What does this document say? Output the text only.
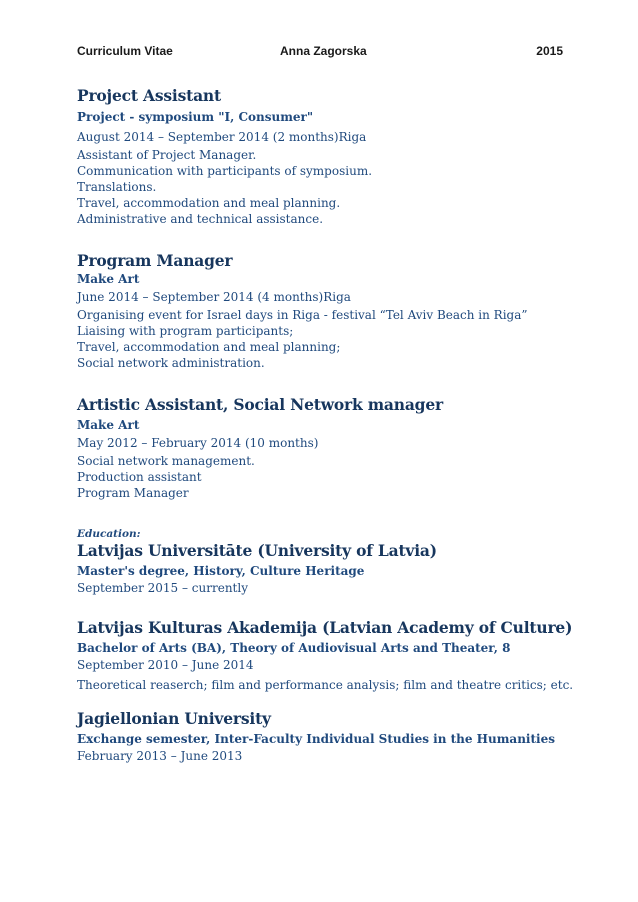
Curriculum Vitae	Anna Zagorska	2015

Project Assistant

Project - symposium "I, Consumer"

August 2014 – September 2014 (2 months)Riga

Assistant of Project Manager.

Communication with participants of symposium.

Translations.

Travel, accommodation and meal planning.

Administrative and technical assistance.

Program Manager

Make Art

June 2014 – September 2014 (4 months)Riga

Organising event for Israel days in Riga - festival “Tel Aviv Beach in Riga”

Liaising with program participants;

Travel, accommodation and meal planning;

Social network administration.

Artistic Assistant, Social Network manager

Make Art

May 2012 – February 2014 (10 months)

Social network management.

Production assistant

Program Manager

Education:

Latvijas Universitāte (University of Latvia)

Master's degree, History, Culture Heritage

September 2015 – currently

Latvijas Kulturas Akademija (Latvian Academy of Culture)

Bachelor of Arts (BA), Theory of Audiovisual Arts and Theater, 8

September 2010 – June 2014

Theoretical reaserch; film and performance analysis; film and theatre critics; etc.

Jagiellonian University

Exchange semester, Inter-Faculty Individual Studies in the Humanities

February 2013 – June 2013
